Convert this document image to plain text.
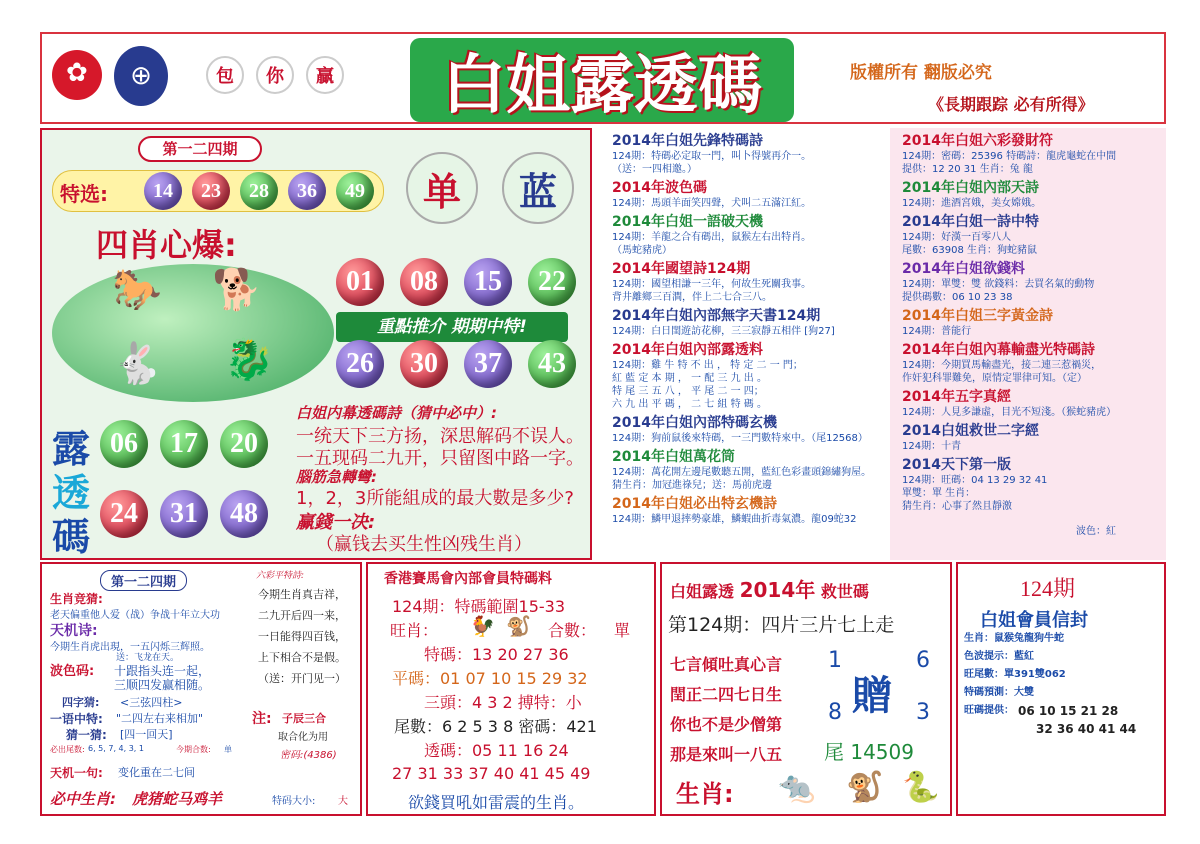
✿	⊕	包	你	贏	白姐露透碼	版權所有 翻版必究
《長期跟踪 必有所得》
第一二四期
特选:	14	23	28	36	49	单	蓝
四肖心爆:
🐎 🐕
🐇 🐉
01	08	15	22
重點推介 期期中特!
26	30	37	43
露
透
碼
06	17	20
24	31	48
白姐内幕透碼詩（猜中必中）:
一统天下三方扬，深思解码不误人。
一五现码二九开，只留图中路一字。
腦筋急轉彎:
1，2，3所能組成的最大數是多少?
赢錢一决:
（赢钱去买生性凶残生肖）
2014年白姐先鋒特碼詩
124期：特碼必定取一門，叫卜得號再介一。
（送：一四相邀。）
2014年波色碼
124期：馬頭羊面笑四聲，犬叫二五滿江紅。
2014年白姐一語破天機
124期：羊龍之合有碼出，鼠猴左右出特肖。
（馬蛇豬虎）
2014年國望詩124期
124期：國望相謙一三年，何故生死關我事。
背井離鄉三百澗，伴上二七合三八。
2014年白姐內部無字天書124期
124期：白日閨遊訪花柳，三三寂靜五相伴 [狗27]
2014年白姐內部露透料
124期：雞 牛 特 不 出 ， 特 定 二 一 門；
紅 藍 定 本 期 ， 一 配 三 九 出 。
特 尾 三 五 八 ， 平 尾 二 一 四；
六 九 出 平 碼 ， 二 七 組 特 碼 。
2014年白姐內部特碼玄機
124期：狗前鼠後來特碼，一三門數特來中。（尾12568）
2014年白姐萬花筒
124期：萬花開左邊尾數聽五開，藍紅色彩畫頭錦繡狗屋。
猜生肖：加冠進祿兒；送：馬前虎邊
2014年白姐必出特玄機詩
124期：鱗甲退摔勢豪雄，鱗蝦曲折毒氣濃。龍09蛇32
2014年白姐六彩發財符
124期：密碼：25396 特碼詩：龍虎龜蛇在中間
提供：12 20 31 生肖：兔 龍
2014年白姐內部天詩
124期：進酒宮娥，美女嫦娥。
2014年白姐一詩中特
124期：好漢一百零八人
尾數：63908 生肖：狗蛇豬鼠
2014年白姐欲錢料
124期：單雙：雙 欲錢料：去買名氣的動物
提供碼數：06 10 23 38
2014年白姐三字黃金詩
124期：普能行
2014年白姐內幕輸盡光特碼詩
124期：今期買馬輸盡光，接二連三惹禍災，
作奸犯科罪難免，原情定罪律可知。（定）
2014年五字真經
124期：人見多謙虛，目光不短淺。（猴蛇豬虎）
2014白姐救世二字經
124期：十青
2014天下第一版
124期：旺碼：04 13 29 32 41
單雙：單 生肖：
猜生肖：心事了然且靜激
波色：紅
第一二四期
生肖竞猜:
老天偏重他人爱（战）争战十年立大功
天机诗:
今期生肖虎出現，一五闪烁三辉照。
送：飞龙在天。
波色码: 十跟指头连一起，
三顺四发赢相随。
四字猜: <三弦四柱>
一语中特: "二四左右来相加"
猜一猜: [四一回天]
必出尾数: 6, 5, 7, 4, 3, 1	今期合数: 单
天机一句: 变化重在二七间
必中生肖: 虎猪蛇马鸡羊
六彩平特詩:
今期生肖真吉祥，
二九开后四一来，
一日能得四百钱，
上下相合不是假。
（送：开门见一）
注: 子辰三合
取合化为用
密码:(4386)
特码大小: 大
香港賽馬會內部會員特碼料
124期：特碼範圍15-33
旺肖： 🐓 🐒 合數： 單
特碼：13 20 27 36
平碼：01 07 10 15 29 32
三頭：4 3 2 搏特：小
尾數：6 2 5 3 8 密碼：421
透碼：05 11 16 24
27 31 33 37 40 41 45 49
欲錢買吼如雷震的生肖。
白姐露透 2014年 救世碼
第124期：四片三片七上走
七言傾吐真心言
閏正二四七日生
你也不是少僧第
那是來叫一八五
1	6
贈
8	3
尾 14509
生肖: 🐀 🐒 🐍
124期
白姐會員信封
生肖：鼠猴兔龍狗牛蛇
色波提示：藍紅
旺尾數：單391雙062
特碼預測：大雙
旺碼提供： 06 10 15 21 28
32 36 40 41 44
